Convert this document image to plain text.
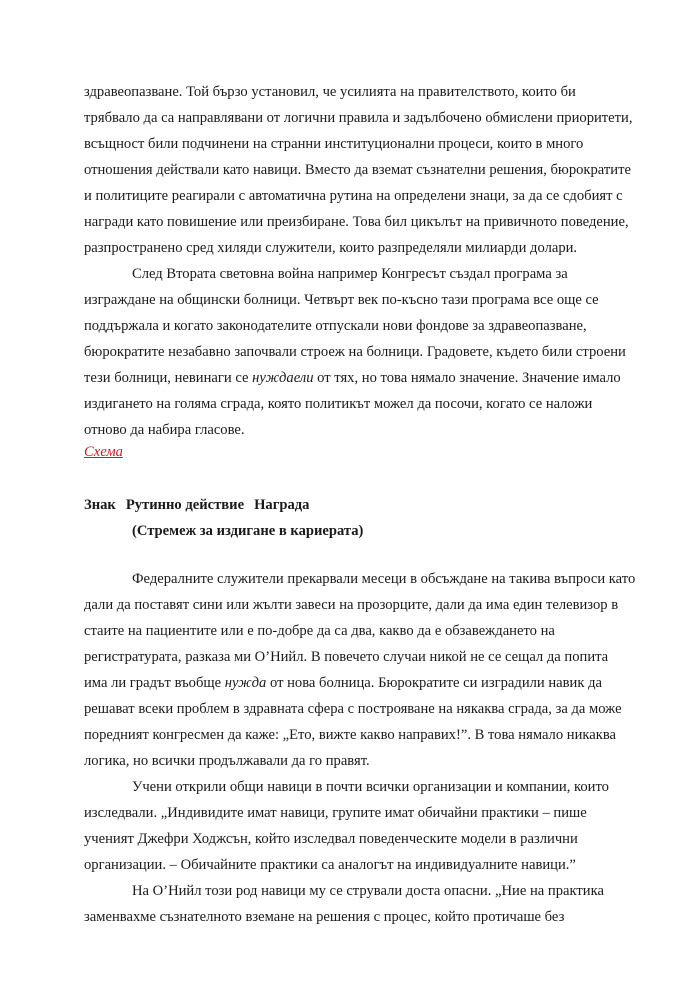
здравеопазване. Той бързо установил, че усилията на правителството, които би
трябвало да са направлявани от логични правила и задълбочено обмислени приоритети,
всъщност били подчинени на странни институционални процеси, които в много
отношения действали като навици. Вместо да вземат съзнателни решения, бюрократите
и политиците реагирали с автоматична рутина на определени знаци, за да се сдобият с
награди като повишение или преизбиране. Това бил цикълът на привичното поведение,
разпространено сред хиляди служители, които разпределяли милиарди долари.
След Втората световна война например Конгресът създал програма за
изграждане на общински болници. Четвърт век по-късно тази програма все още се
поддържала и когато законодателите отпускали нови фондове за здравеопазване,
бюрократите незабавно започвали строеж на болници. Градовете, където били строени
тези болници, невинаги се нуждаели от тях, но това нямало значение. Значение имало
издигането на голяма сграда, която политикът можел да посочи, когато се наложи
отново да набира гласове.
Схема
Знак Рутинно действие Награда
(Стремеж за издигане в кариерата)
Федералните служители прекарвали месеци в обсъждане на такива въпроси като
дали да поставят сини или жълти завеси на прозорците, дали да има един телевизор в
стаите на пациентите или е по-добре да са два, какво да е обзавеждането на
регистратурата, разказа ми О’Нийл. В повечето случаи никой не се сещал да попита
има ли градът въобще нужда от нова болница. Бюрократите си изградили навик да
решават всеки проблем в здравната сфера с построяване на някаква сграда, за да може
поредният конгресмен да каже: „Ето, вижте какво направих!”. В това нямало никаква
логика, но всички продължавали да го правят.
Учени открили общи навици в почти всички организации и компании, които
изследвали. „Индивидите имат навици, групите имат обичайни практики – пише
ученият Джефри Ходжсън, който изследвал поведенческите модели в различни
организации. – Обичайните практики са аналогът на индивидуалните навици.”
На О’Нийл този род навици му се стрували доста опасни. „Ние на практика
заменвахме съзнателното вземане на решения с процес, който протичаше без
